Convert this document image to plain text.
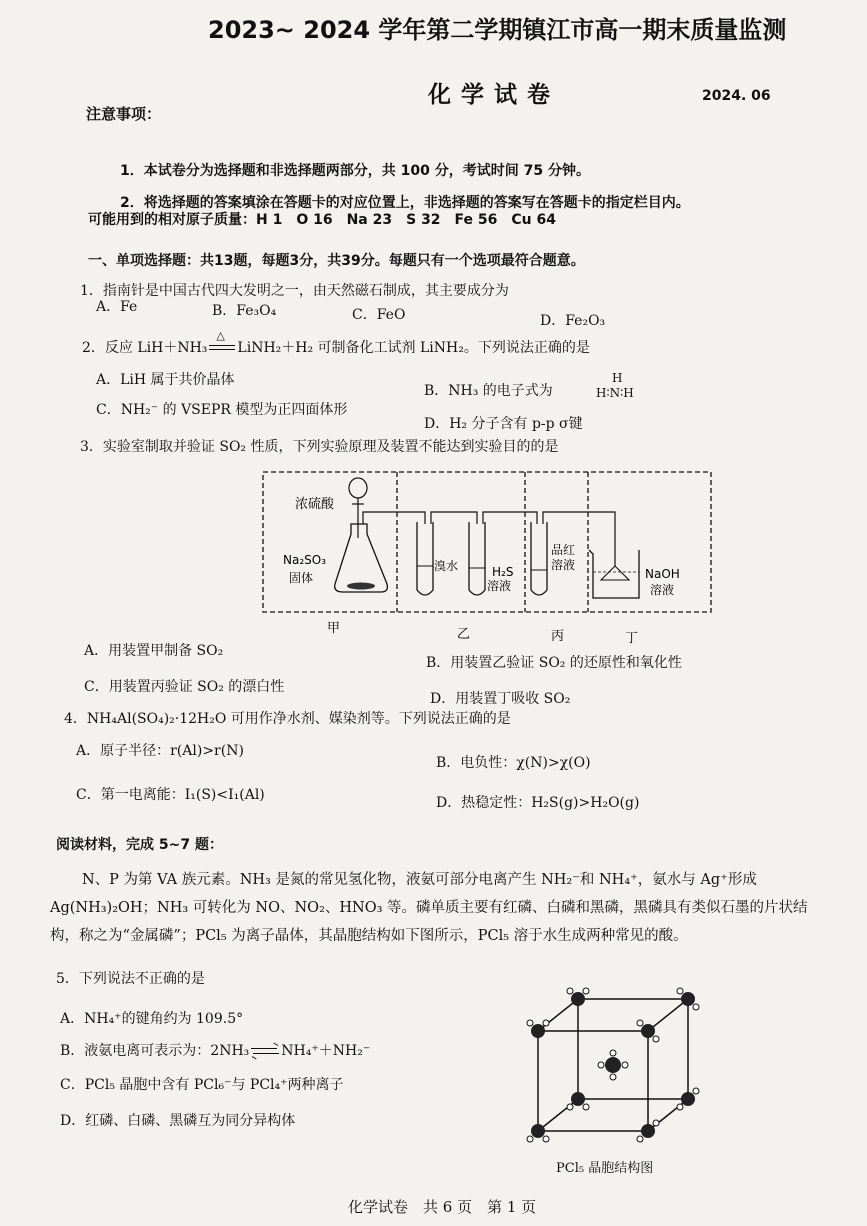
2023~ 2024 学年第二学期镇江市高一期末质量监测
化学试卷	2024. 06
注意事项：
1．本试卷分为选择题和非选择题两部分，共 100 分，考试时间 75 分钟。
2．将选择题的答案填涂在答题卡的对应位置上，非选择题的答案写在答题卡的指定栏目内。
可能用到的相对原子质量：H 1　O 16　Na 23　S 32　Fe 56　Cu 64
一、单项选择题：共13题，每题3分，共39分。每题只有一个选项最符合题意。
1．指南针是中国古代四大发明之一，由天然磁石制成，其主要成分为
A．Fe	B．Fe₃O₄	C．FeO	D．Fe₂O₃
2．反应 LiH＋NH₃
△
LiNH₂＋H₂ 可制备化工试剂 LiNH₂。下列说法正确的是
A．LiH 属于共价晶体
B．NH₃ 的电子式为
H
H∶N∶H
C．NH₂⁻ 的 VSEPR 模型为正四面体形
D．H₂ 分子含有 p-p σ键
3．实验室制取并验证 SO₂ 性质，下列实验原理及装置不能达到实验目的的是
浓硫酸
Na₂SO₃
固体
溴水	H₂S
溶液
品红
溶液
NaOH
溶液
甲	乙	丙	丁
A．用装置甲制备 SO₂
B．用装置乙验证 SO₂ 的还原性和氧化性
C．用装置丙验证 SO₂ 的漂白性
D．用装置丁吸收 SO₂
4．NH₄Al(SO₄)₂·12H₂O 可用作净水剂、媒染剂等。下列说法正确的是
A．原子半径：r(Al)>r(N)
B．电负性：χ(N)>χ(O)
C．第一电离能：I₁(S)<I₁(Al)	D．热稳定性：H₂S(g)>H₂O(g)
阅读材料，完成 5~7 题：
N、P 为第 VA 族元素。NH₃ 是氮的常见氢化物，液氨可部分电离产生 NH₂⁻和 NH₄⁺，氨水与 Ag⁺形成 Ag(NH₃)₂OH；NH₃ 可转化为 NO、NO₂、HNO₃ 等。磷单质主要有红磷、白磷和黑磷，黑磷具有类似石墨的片状结构，称之为“金属磷”；PCl₅ 为离子晶体，其晶胞结构如下图所示，PCl₅ 溶于水生成两种常见的酸。
5．下列说法不正确的是
A．NH₄⁺的键角约为 109.5°
B．液氨电离可表示为：2NH₃⇌NH₄⁺＋NH₂⁻
C．PCl₅ 晶胞中含有 PCl₆⁻与 PCl₄⁺两种离子
D．红磷、白磷、黑磷互为同分异构体
PCl₅ 晶胞结构图
化学试卷　共 6 页　第 1 页
